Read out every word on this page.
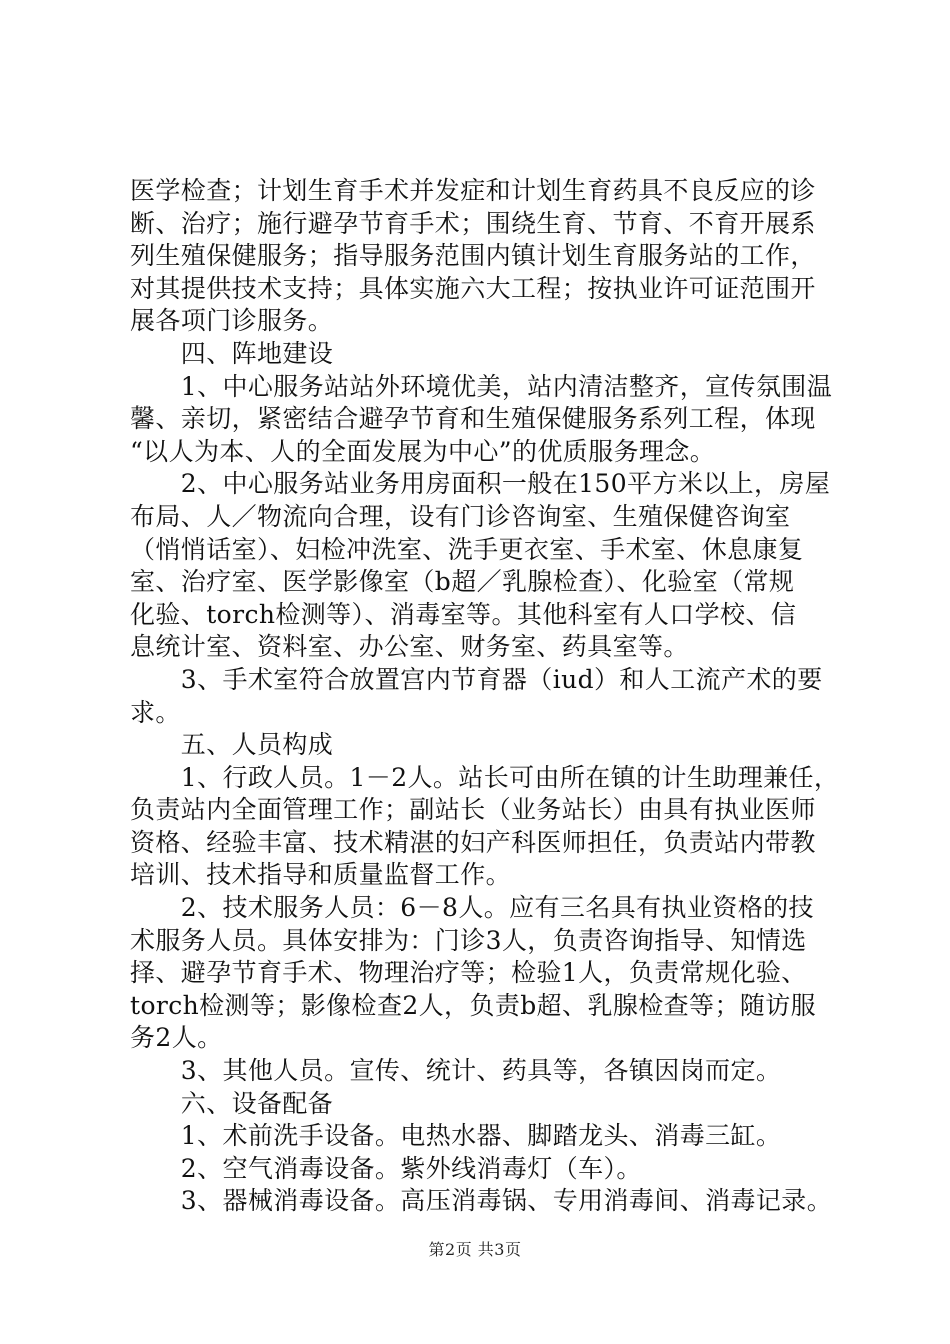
医学检查；计划生育手术并发症和计划生育药具不良反应的诊

断、治疗；施行避孕节育手术；围绕生育、节育、不育开展系

列生殖保健服务；指导服务范围内镇计划生育服务站的工作，

对其提供技术支持；具体实施六大工程；按执业许可证范围开

展各项门诊服务。

　　四、阵地建设

　　1、中心服务站站外环境优美，站内清洁整齐，宣传氛围温

馨、亲切，紧密结合避孕节育和生殖保健服务系列工程，体现

“以人为本、人的全面发展为中心”的优质服务理念。

　　2、中心服务站业务用房面积一般在150平方米以上，房屋

布局、人／物流向合理，设有门诊咨询室、生殖保健咨询室

（悄悄话室）、妇检冲洗室、洗手更衣室、手术室、休息康复

室、治疗室、医学影像室（b超／乳腺检查）、化验室（常规

化验、torch检测等）、消毒室等。其他科室有人口学校、信

息统计室、资料室、办公室、财务室、药具室等。

　　3、手术室符合放置宫内节育器（iud）和人工流产术的要

求。

　　五、人员构成

　　1、行政人员。1－2人。站长可由所在镇的计生助理兼任，

负责站内全面管理工作；副站长（业务站长）由具有执业医师

资格、经验丰富、技术精湛的妇产科医师担任，负责站内带教

培训、技术指导和质量监督工作。

　　2、技术服务人员：6－8人。应有三名具有执业资格的技

术服务人员。具体安排为：门诊3人，负责咨询指导、知情选

择、避孕节育手术、物理治疗等；检验1人，负责常规化验、

torch检测等；影像检查2人，负责b超、乳腺检查等；随访服

务2人。

　　3、其他人员。宣传、统计、药具等，各镇因岗而定。

　　六、设备配备

　　1、术前洗手设备。电热水器、脚踏龙头、消毒三缸。

　　2、空气消毒设备。紫外线消毒灯（车）。

　　3、器械消毒设备。高压消毒锅、专用消毒间、消毒记录。

第2页 共3页
